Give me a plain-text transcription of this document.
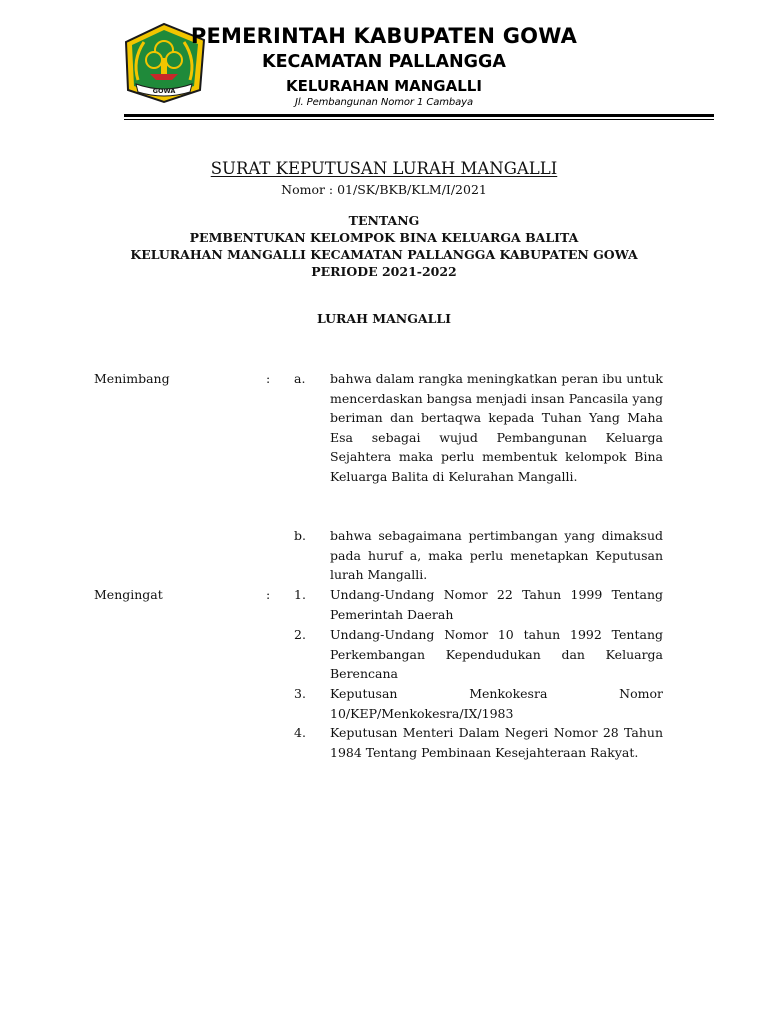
GOWA
PEMERINTAH KABUPATEN GOWA
KECAMATAN PALLANGGA
KELURAHAN MANGALLI
Jl. Pembangunan Nomor 1 Cambaya
SURAT KEPUTUSAN LURAH MANGALLI
Nomor : 01/SK/BKB/KLM/I/2021
TENTANG
PEMBENTUKAN KELOMPOK BINA KELUARGA BALITA
KELURAHAN MANGALLI KECAMATAN PALLANGGA KABUPATEN GOWA
PERIODE 2021-2022
LURAH MANGALLI
Menimbang	: a. bahwa dalam rangka meningkatkan peran ibu untuk mencerdaskan bangsa menjadi insan Pancasila yang beriman dan bertaqwa kepada Tuhan Yang Maha Esa sebagai wujud Pembangunan Keluarga Sejahtera maka perlu membentuk kelompok Bina Keluarga Balita di Kelurahan Mangalli.
b. bahwa sebagaimana pertimbangan yang dimaksud pada huruf a, maka perlu menetapkan Keputusan lurah Mangalli.
Mengingat	: 1. Undang-Undang Nomor 22 Tahun 1999 Tentang Pemerintah Daerah
2. Undang-Undang Nomor 10 tahun 1992 Tentang Perkembangan Kependudukan dan Keluarga Berencana
3. Keputusan Menkokesra Nomor 10/KEP/Menkokesra/IX/1983
4. Keputusan Menteri Dalam Negeri Nomor 28 Tahun 1984 Tentang Pembinaan Kesejahteraan Rakyat.
